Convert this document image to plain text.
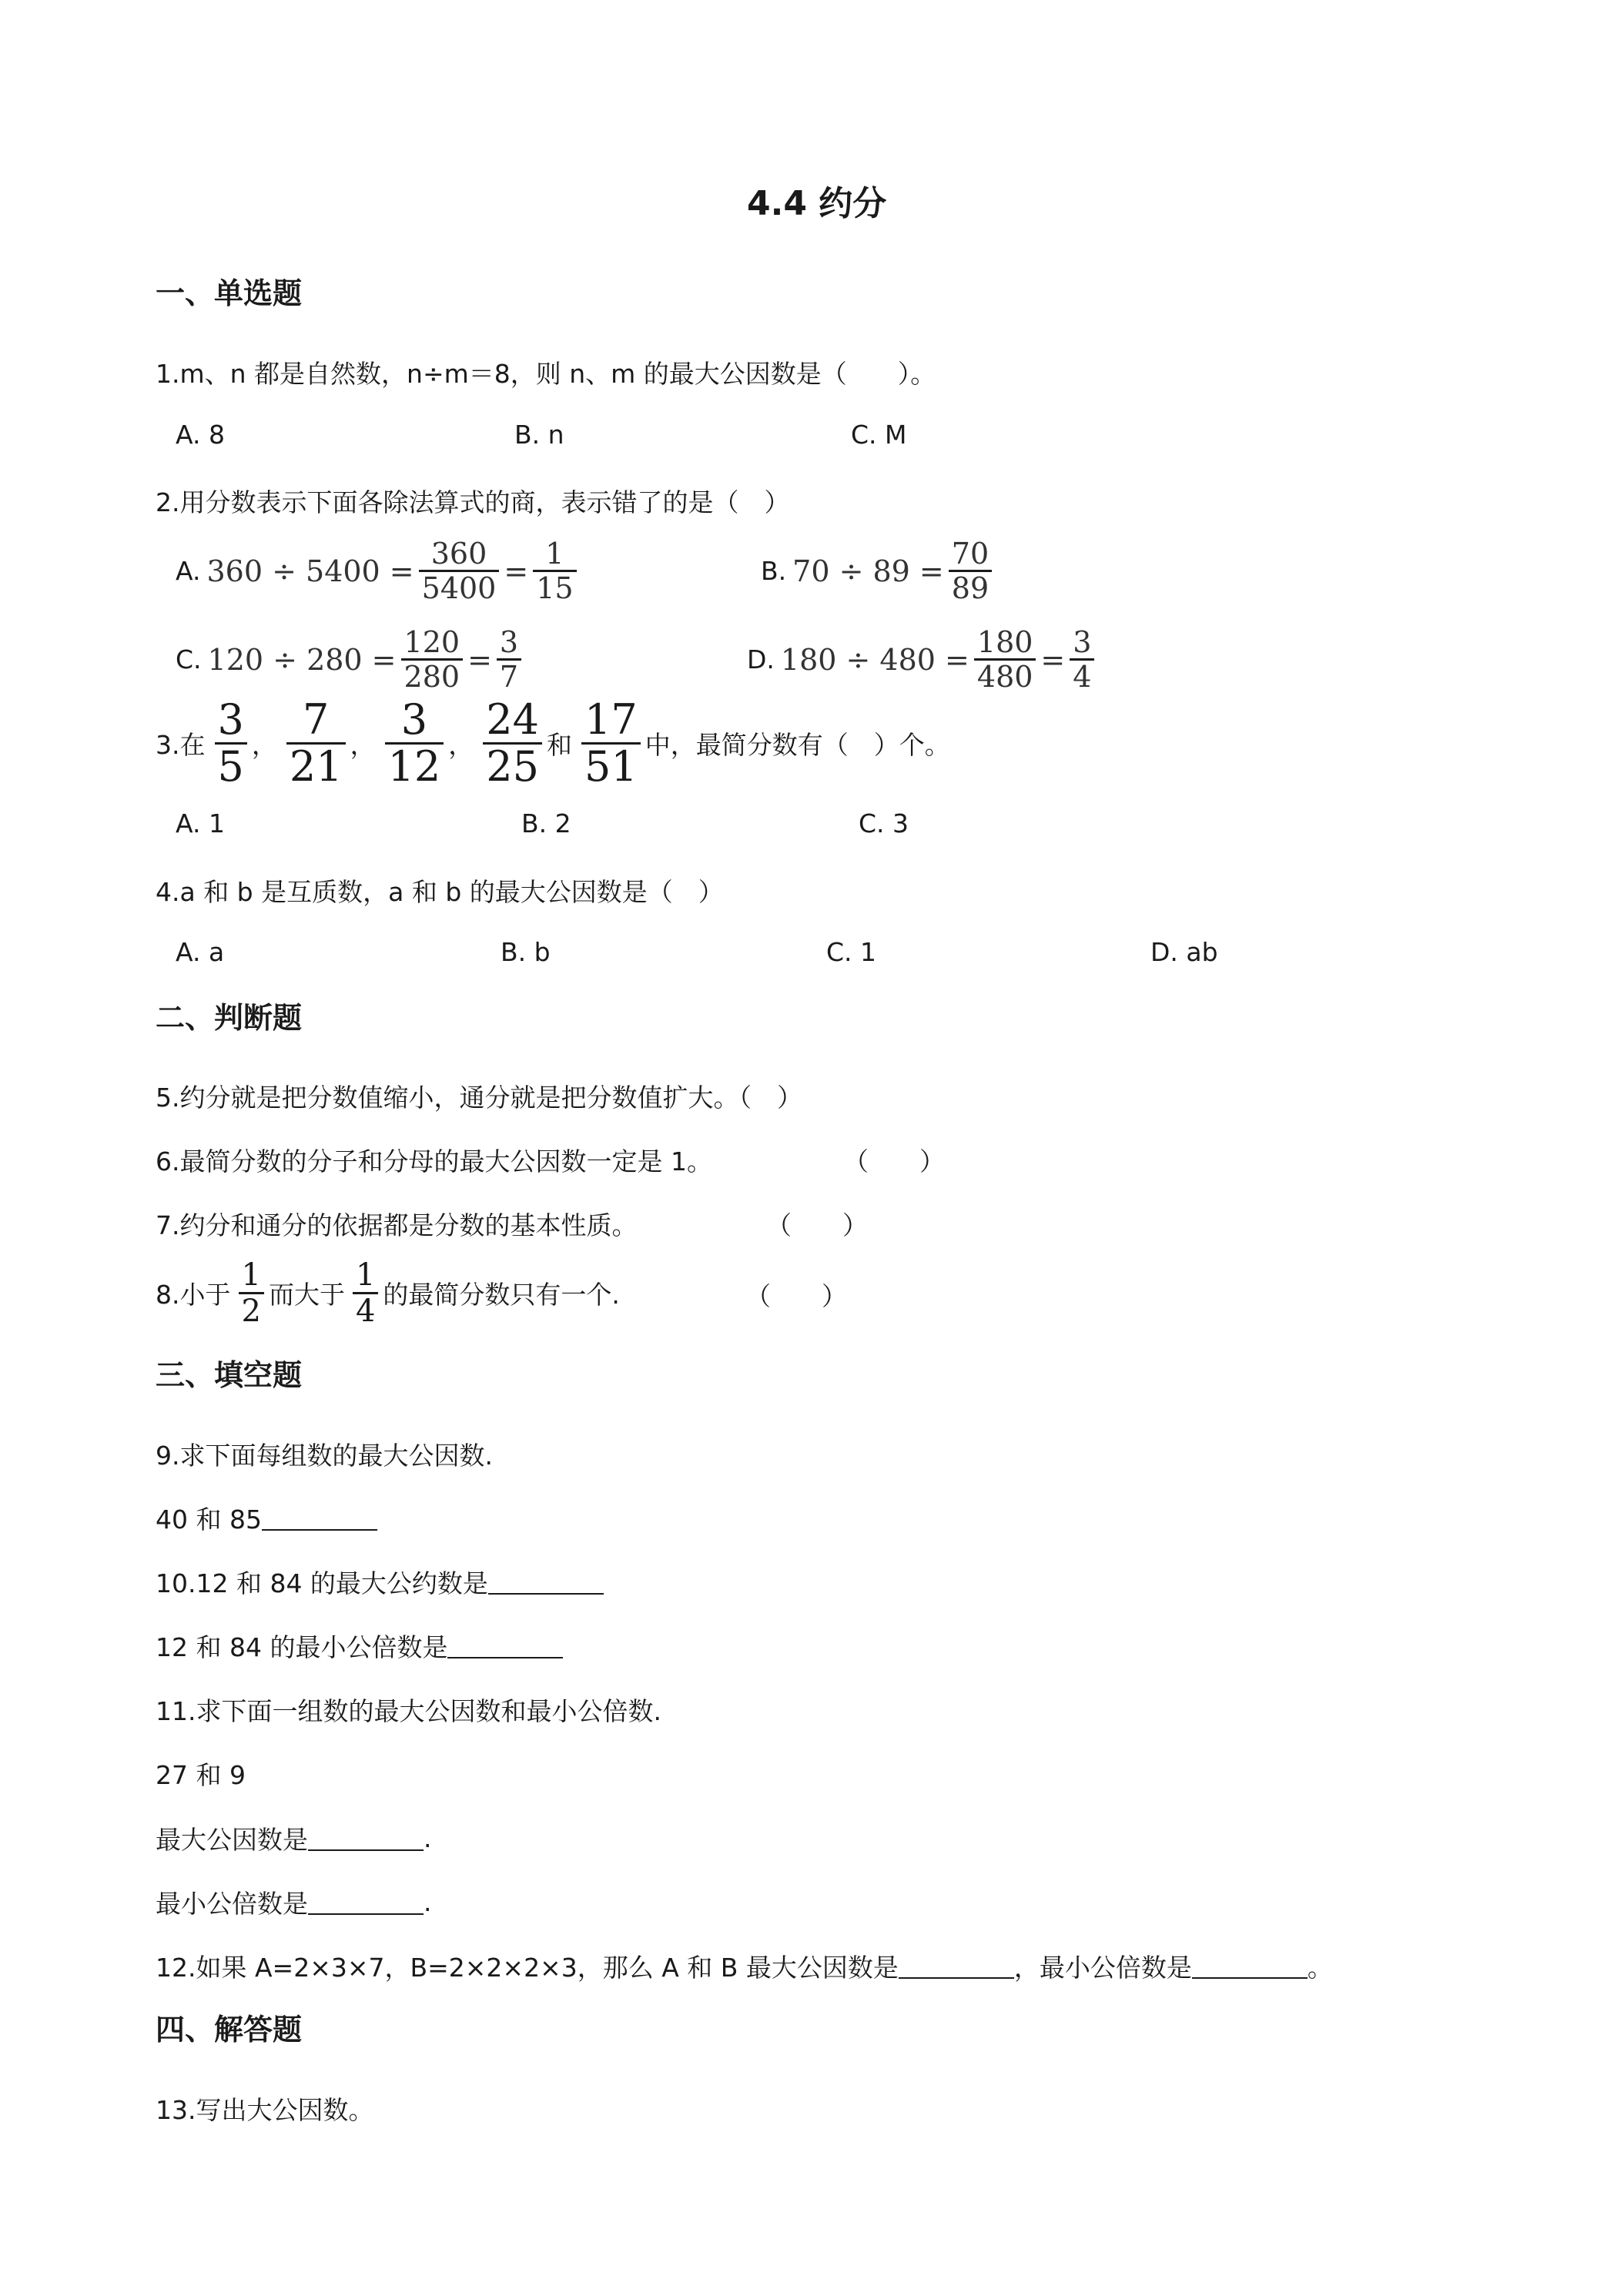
4.4 约分
一、单选题
1.m、n 都是自然数，n÷m＝8，则 n、m 的最大公因数是（　　）。
A. 8	B. n	C. M
2.用分数表示下面各除法算式的商，表示错了的是（　）
A. $360 \div 5400 = \frac{360}{5400} = \frac{1}{15}$	B. $70 \div 89 = \frac{70}{89}$
C. $120 \div 280 = \frac{120}{280} = \frac{3}{7}$	D. $180 \div 480 = \frac{180}{480} = \frac{3}{4}$
3.在 $\frac{3}{5}$ ， $\frac{7}{21}$ ， $\frac{3}{12}$ ， $\frac{24}{25}$ 和 $\frac{17}{51}$ 中，最简分数有（　）个。
A. 1	B. 2	C. 3
4.a 和 b 是互质数，a 和 b 的最大公因数是（　）
A. a	B. b	C. 1	D. ab
二、判断题
5.约分就是把分数值缩小，通分就是把分数值扩大。（　）
6.最简分数的分子和分母的最大公因数一定是 1。	（　　）
7.约分和通分的依据都是分数的基本性质。	（　　）
8.小于 $\frac{1}{2}$ 而大于 $\frac{1}{4}$ 的最简分数只有一个.	（　　）
三、填空题
9.求下面每组数的最大公因数.
40 和 85
10.12 和 84 的最大公约数是
12 和 84 的最小公倍数是
11.求下面一组数的最大公因数和最小公倍数.
27 和 9
最大公因数是	.
最小公倍数是	.
12.如果 A=2×3×7，B=2×2×2×3，那么 A 和 B 最大公因数是	，最小公倍数是	。
四、解答题
13.写出大公因数。
